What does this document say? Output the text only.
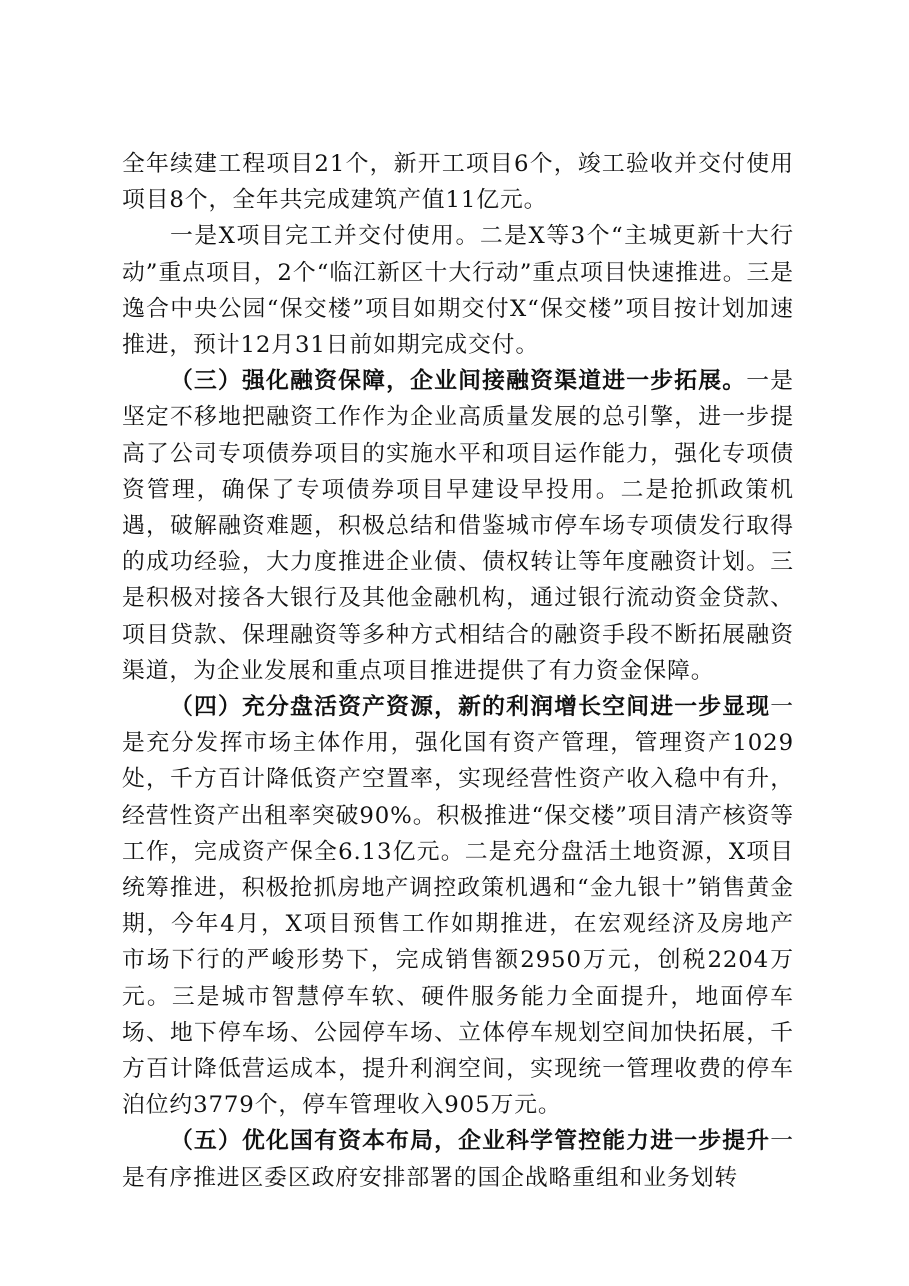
全年续建工程项目21个，新开工项目6个，竣工验收并交付使用项目8个，全年共完成建筑产值11亿元。

一是X项目完工并交付使用。二是X等3个“主城更新十大行动”重点项目，2个“临江新区十大行动”重点项目快速推进。三是逸合中央公园“保交楼”项目如期交付X“保交楼”项目按计划加速推进，预计12月31日前如期完成交付。

（三）强化融资保障，企业间接融资渠道进一步拓展。一是坚定不移地把融资工作作为企业高质量发展的总引擎，进一步提高了公司专项债券项目的实施水平和项目运作能力，强化专项债资管理，确保了专项债券项目早建设早投用。二是抢抓政策机遇，破解融资难题，积极总结和借鉴城市停车场专项债发行取得的成功经验，大力度推进企业债、债权转让等年度融资计划。三是积极对接各大银行及其他金融机构，通过银行流动资金贷款、项目贷款、保理融资等多种方式相结合的融资手段不断拓展融资渠道，为企业发展和重点项目推进提供了有力资金保障。

（四）充分盘活资产资源，新的利润增长空间进一步显现一是充分发挥市场主体作用，强化国有资产管理，管理资产1029处，千方百计降低资产空置率，实现经营性资产收入稳中有升，经营性资产出租率突破90%。积极推进“保交楼”项目清产核资等工作，完成资产保全6.13亿元。二是充分盘活土地资源，X项目统筹推进，积极抢抓房地产调控政策机遇和“金九银十”销售黄金期，今年4月，X项目预售工作如期推进，在宏观经济及房地产市场下行的严峻形势下，完成销售额2950万元，创税2204万元。三是城市智慧停车软、硬件服务能力全面提升，地面停车场、地下停车场、公园停车场、立体停车规划空间加快拓展，千方百计降低营运成本，提升利润空间，实现统一管理收费的停车泊位约3779个，停车管理收入905万元。

（五）优化国有资本布局，企业科学管控能力进一步提升一是有序推进区委区政府安排部署的国企战略重组和业务划转
